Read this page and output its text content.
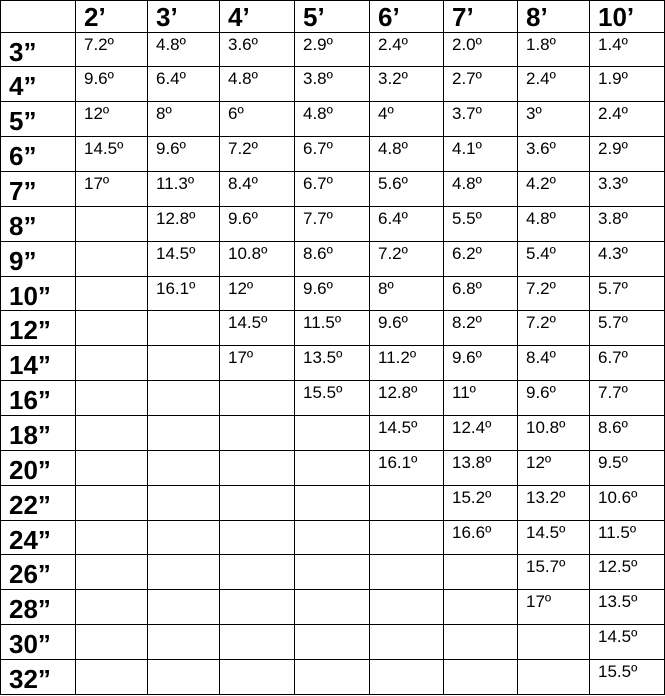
	2’	3’	4’	5’	6’	7’	8’	10’
3”	7.2º	4.8º	3.6º	2.9º	2.4º	2.0º	1.8º	1.4º
4”	9.6º	6.4º	4.8º	3.8º	3.2º	2.7º	2.4º	1.9º
5”	12º	8º	6º	4.8º	4º	3.7º	3º	2.4º
6”	14.5º	9.6º	7.2º	6.7º	4.8º	4.1º	3.6º	2.9º
7”	17º	11.3º	8.4º	6.7º	5.6º	4.8º	4.2º	3.3º
8”		12.8º	9.6º	7.7º	6.4º	5.5º	4.8º	3.8º
9”		14.5º	10.8º	8.6º	7.2º	6.2º	5.4º	4.3º
10”		16.1º	12º	9.6º	8º	6.8º	7.2º	5.7º
12”			14.5º	11.5º	9.6º	8.2º	7.2º	5.7º
14”			17º	13.5º	11.2º	9.6º	8.4º	6.7º
16”				15.5º	12.8º	11º	9.6º	7.7º
18”					14.5º	12.4º	10.8º	8.6º
20”					16.1º	13.8º	12º	9.5º
22”						15.2º	13.2º	10.6º
24”						16.6º	14.5º	11.5º
26”							15.7º	12.5º
28”							17º	13.5º
30”								14.5º
32”								15.5º
